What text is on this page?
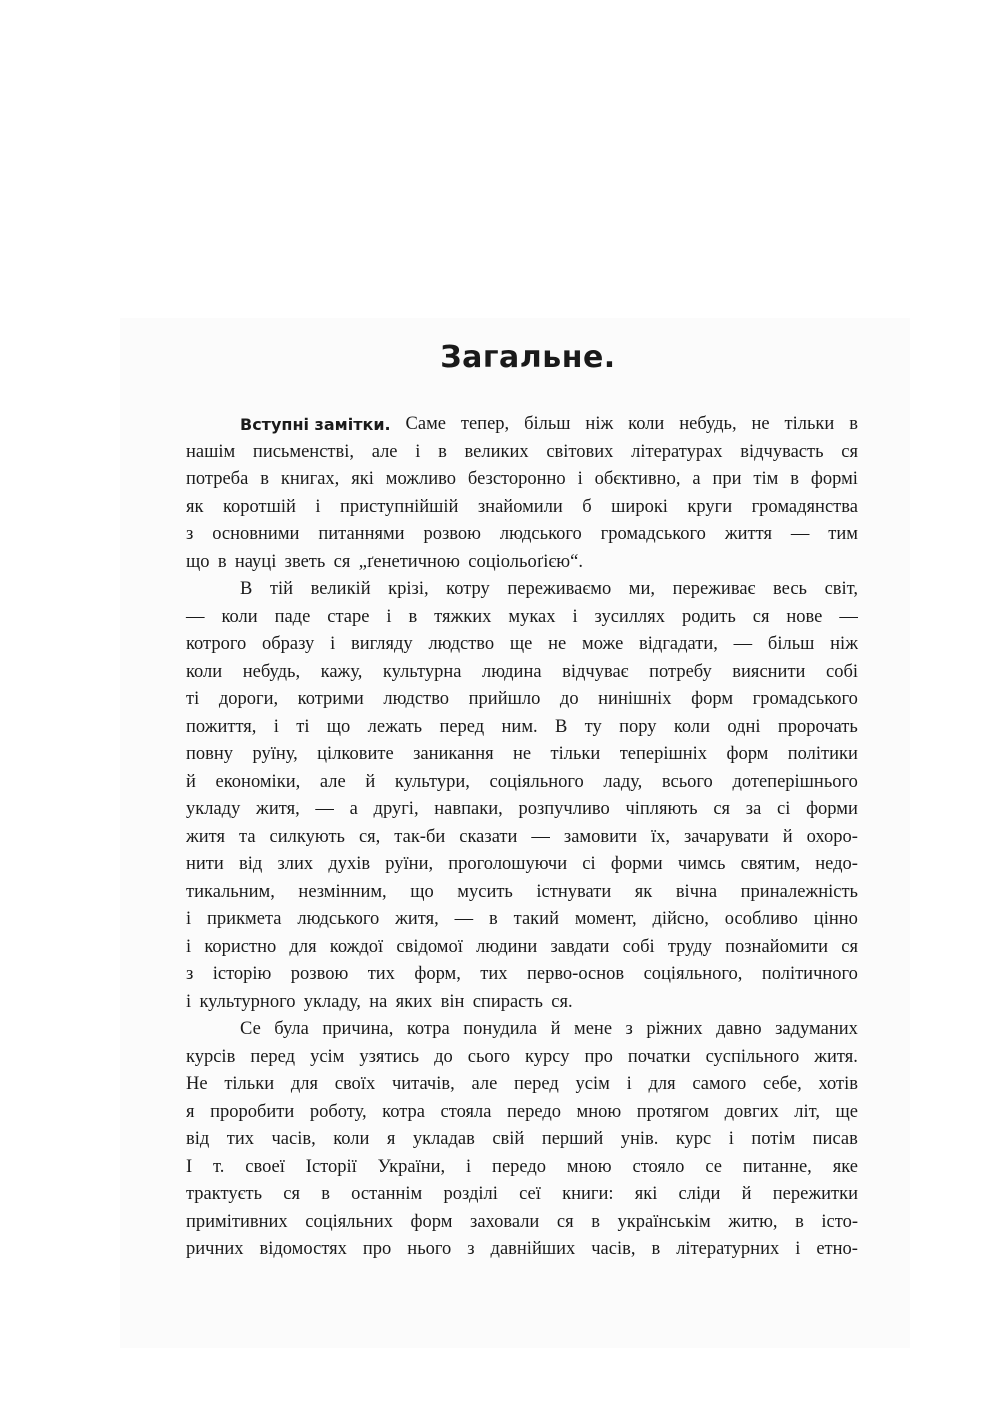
Загальне.
Вступні замітки. Саме тепер, більш ніж коли небудь, не тільки в
нашім письменстві, але і в великих світових літературах відчувасть ся
потреба в книгах, які можливо безсторонно і обєктивно, а при тім в формі
як коротшій і приступнійшій знайомили б широкі круги громадянства
з основними питаннями розвою людського громадського життя — тим
що в науці зветь ся „ґенетичною соціольоґією“.
В тій великій крізі, котру переживаємо ми, переживає весь світ,
— коли паде старе і в тяжких муках і зусиллях родить ся нове —
котрого образу і вигляду людство ще не може відгадати, — більш ніж
коли небудь, кажу, культурна людина відчуває потребу вияснити собі
ті дороги, котрими людство прийшло до нинішніх форм громадського
пожиття, і ті що лежать перед ним. В ту пору коли одні пророчать
повну руїну, цілковите заникання не тільки теперішніх форм політики
й економіки, але й культури, соціяльного ладу, всього дотеперішнього
укладу житя, — а другі, навпаки, розпучливо чіпляють ся за сі форми
житя та силкують ся, так-би сказати — замовити їх, зачарувати й охоро-
нити від злих духів руїни, проголошуючи сі форми чимсь святим, недо-
тикальним, незмінним, що мусить істнувати як вічна приналежність
і прикмета людського житя, — в такий момент, дійсно, особливо цінно
і користно для кождої свідомої людини завдати собі труду познайомити ся
з історію розвою тих форм, тих перво-основ соціяльного, політичного
і культурного укладу, на яких він спирасть ся.
Се була причина, котра понудила й мене з ріжних давно задуманих
курсів перед усім узятись до сього курсу про початки суспільного житя.
Не тільки для своїх читачів, але перед усім і для самого себе, хотів
я проробити роботу, котра стояла передо мною протягом довгих літ, ще
від тих часів, коли я укладав свій перший унів. курс і потім писав
I т. своеї Історії України, і передо мною стояло се питанне, яке
трактуєть ся в останнім розділі сеї книги: які сліди й пережитки
примітивних соціяльних форм заховали ся в українськім житю, в істо-
ричних відомостях про нього з давнійших часів, в літературних і етно-
